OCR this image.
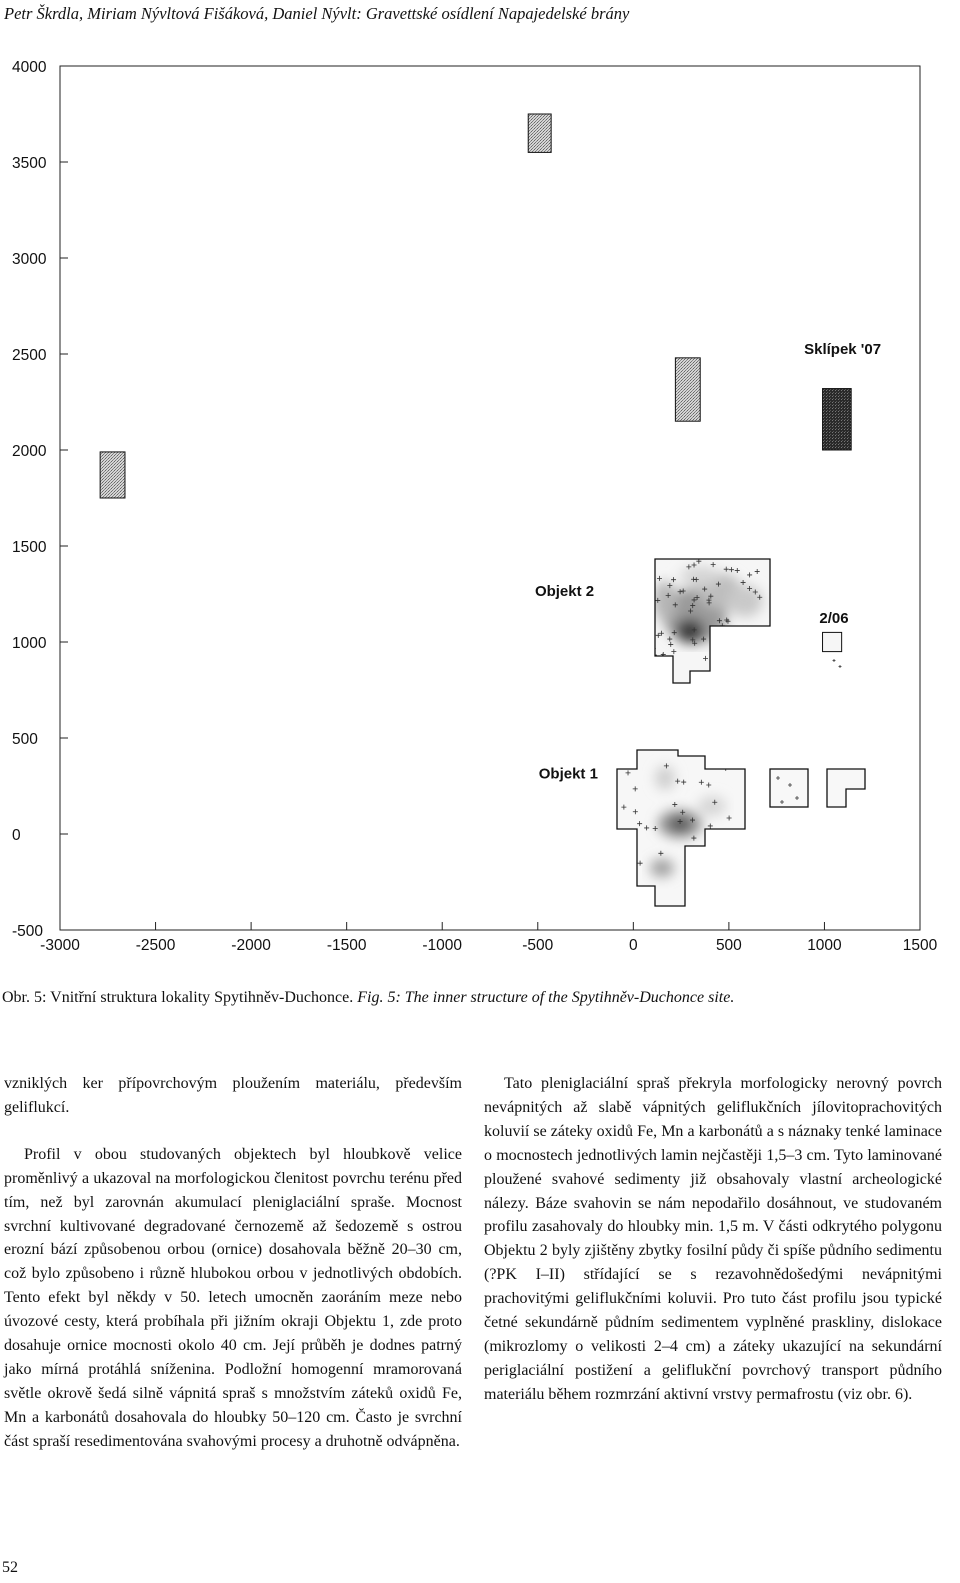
Petr Škrdla, Miriam Nývltová Fišáková, Daniel Nývlt: Gravettské osídlení Napajedelské brány
-3000	-2500	-2000	-1500	-1000	-500	0	500	1000	1500
4000
3500
3000
2500
2000
1500
1000
500
0
-500
Sklípek '07
Objekt 2
2/06
Objekt 1
Obr. 5: Vnitřní struktura lokality Spytihněv-Duchonce. Fig. 5: The inner structure of the Spytihněv-Duchonce site.

vzniklých ker přípovrchovým ploužením materiálu, především geliflukcí.

Profil v obou studovaných objektech byl hloubkově velice proměnlivý a ukazoval na morfologickou členitost povrchu terénu před tím, než byl zarovnán akumulací pleniglaciální spraše. Mocnost svrchní kultivované degradované černozemě až šedozemě s ostrou erozní bází způsobenou orbou (ornice) dosahovala běžně 20–30 cm, což bylo způsobeno i různě hlubokou orbou v jednotlivých obdobích. Tento efekt byl někdy v 50. letech umocněn zaoráním meze nebo úvozové cesty, která probíhala při jižním okraji Objektu 1, zde proto dosahuje ornice mocnosti okolo 40 cm. Její průběh je dodnes patrný jako mírná protáhlá sníženina. Podložní homogenní mramorovaná světle okrově šedá silně vápnitá spraš s množstvím záteků oxidů Fe, Mn a karbonátů dosahovala do hloubky 50–120 cm. Často je svrchní část spraší resedimentována svahovými procesy a druhotně odvápněna.

Tato pleniglaciální spraš překryla morfologicky nerovný povrch nevápnitých až slabě vápnitých geliflukčních jílovitoprachovitých koluvií se záteky oxidů Fe, Mn a karbonátů a s náznaky tenké laminace o mocnostech jednotlivých lamin nejčastěji 1,5–3 cm. Tyto laminované ploužené svahové sedimenty již obsahovaly vlastní archeologické nálezy. Báze svahovin se nám nepodařilo dosáhnout, ve studovaném profilu zasahovaly do hloubky min. 1,5 m. V části odkrytého polygonu Objektu 2 byly zjištěny zbytky fosilní půdy či spíše půdního sedimentu (?PK I–II) střídající se s rezavohnědošedými nevápnitými prachovitými geliflukčními koluvii. Pro tuto část profilu jsou typické četné sekundárně půdním sedimentem vyplněné praskliny, dislokace (mikrozlomy o velikosti 2–4 cm) a záteky ukazující na sekundární periglaciální postižení a geliflukční povrchový transport půdního materiálu během rozmrzání aktivní vrstvy permafrostu (viz obr. 6).

52
